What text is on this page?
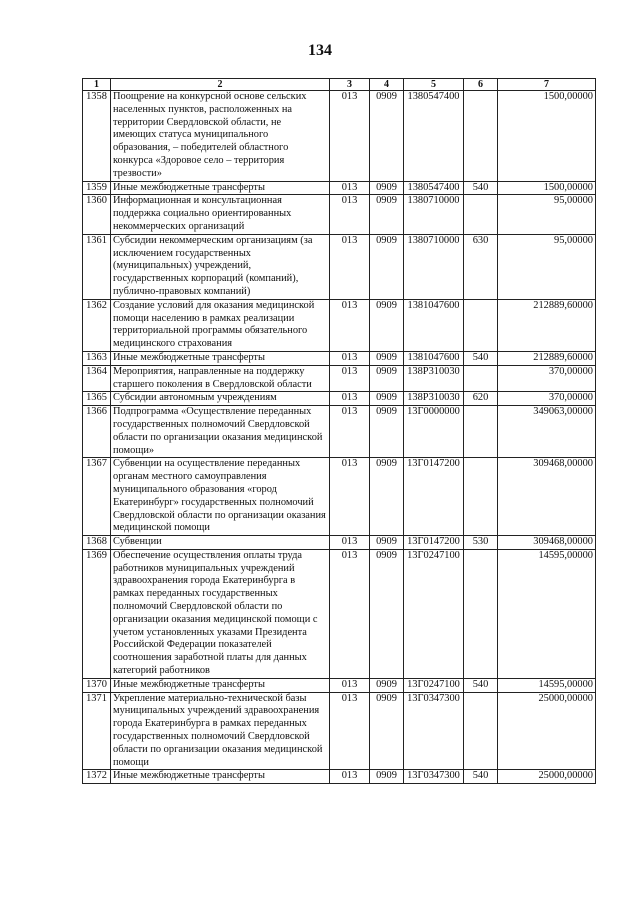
134
1	2	3	4	5	6	7
1358	Поощрение на конкурсной основе сельских населенных пунктов, расположенных на территории Свердловской области, не имеющих статуса муниципального образования, – победителей областного конкурса «Здоровое село – территория трезвости»	013	0909	1380547400		1500,00000
1359	Иные межбюджетные трансферты	013	0909	1380547400	540	1500,00000
1360	Информационная и консультационная поддержка социально ориентированных некоммерческих организаций	013	0909	1380710000		95,00000
1361	Субсидии некоммерческим организациям (за исключением государственных (муниципальных) учреждений, государственных корпораций (компаний), публично-правовых компаний)	013	0909	1380710000	630	95,00000
1362	Создание условий для оказания медицинской помощи населению в рамках реализации территориальной программы обязательного медицинского страхования	013	0909	1381047600		212889,60000
1363	Иные межбюджетные трансферты	013	0909	1381047600	540	212889,60000
1364	Мероприятия, направленные на поддержку старшего поколения в Свердловской области	013	0909	138P310030		370,00000
1365	Субсидии автономным учреждениям	013	0909	138P310030	620	370,00000
1366	Подпрограмма «Осуществление переданных государственных полномочий Свердловской области по организации оказания медицинской помощи»	013	0909	13Г0000000		349063,00000
1367	Субвенции на осуществление переданных органам местного самоуправления муниципального образования «город Екатеринбург» государственных полномочий Свердловской области по организации оказания медицинской помощи	013	0909	13Г0147200		309468,00000
1368	Субвенции	013	0909	13Г0147200	530	309468,00000
1369	Обеспечение осуществления оплаты труда работников муниципальных учреждений здравоохранения города Екатеринбурга в рамках переданных государственных полномочий Свердловской области по организации оказания медицинской помощи с учетом установленных указами Президента Российской Федерации показателей соотношения заработной платы для данных категорий работников	013	0909	13Г0247100		14595,00000
1370	Иные межбюджетные трансферты	013	0909	13Г0247100	540	14595,00000
1371	Укрепление материально-технической базы муниципальных учреждений здравоохранения города Екатеринбурга в рамках переданных государственных полномочий Свердловской области по организации оказания медицинской помощи	013	0909	13Г0347300		25000,00000
1372	Иные межбюджетные трансферты	013	0909	13Г0347300	540	25000,00000
